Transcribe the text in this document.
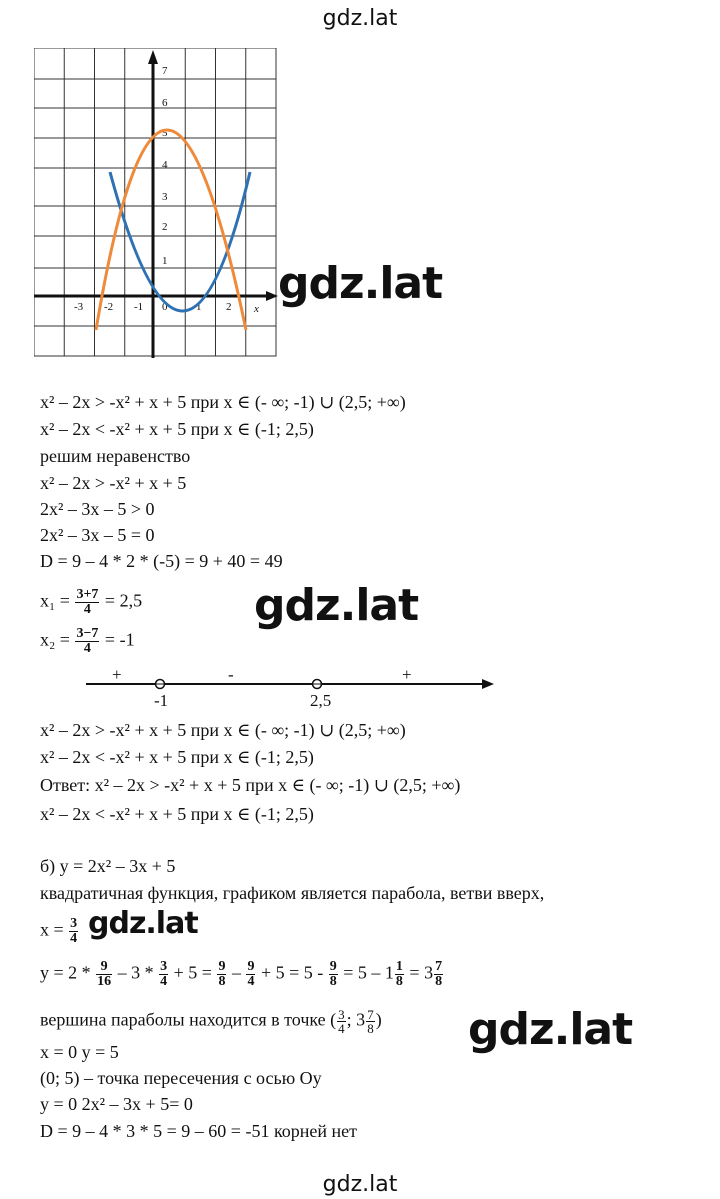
gdz.lat
-3 -2 -1 0	1 2 x
1
2
3
4
5
6
7
gdz.lat
x² – 2x > -x² + x + 5 при x ∈ (- ∞; -1) ∪ (2,5; +∞)
x² – 2x < -x² + x + 5 при x ∈ (-1; 2,5)
решим неравенство
x² – 2x > -x² + x + 5
2x² – 3x – 5 > 0
2x² – 3x – 5 = 0
D = 9 – 4 * 2 * (-5) = 9 + 40 = 49
$x_1 = \frac{3+7}{4} = 2,5$
$x_2 = \frac{3-7}{4} = -1$
gdz.lat
+	-	+
-1	2,5
x² – 2x > -x² + x + 5 при x ∈ (- ∞; -1) ∪ (2,5; +∞)
x² – 2x < -x² + x + 5 при x ∈ (-1; 2,5)
Ответ: x² – 2x > -x² + x + 5 при x ∈ (- ∞; -1) ∪ (2,5; +∞)
x² – 2x < -x² + x + 5 при x ∈ (-1; 2,5)
б) y = 2x² – 3x + 5
квадратичная функция, графиком является парабола, ветви вверх,
$x = \frac{3}{4} gdz.lat$
$y = 2 * \frac{9}{16} - 3 * \frac{3}{4} + 5 = \frac{9}{8} - \frac{9}{4} + 5 = 5 - \frac{9}{8} = 5 - 1 \frac{1}{8} = 3 \frac{7}{8}$
вершина параболы находится в точке ( $\frac{3}{4}$ ; $3 \frac{7}{8}$ ) gdz.lat
x = 0 y = 5
(0; 5) – точка пересечения с осью Oy
y = 0 2x² – 3x + 5= 0
D = 9 – 4 * 3 * 5 = 9 – 60 = -51 корней нет
gdz.lat
